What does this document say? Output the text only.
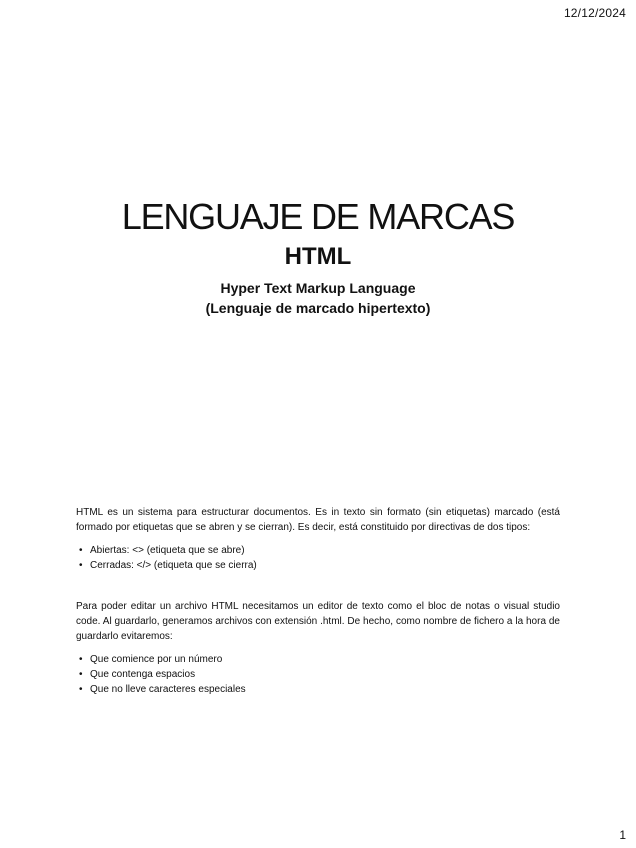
12/12/2024
LENGUAJE DE MARCAS
HTML

Hyper Text Markup Language

(Lenguaje de marcado hipertexto)

HTML es un sistema para estructurar documentos. Es in texto sin formato (sin etiquetas) marcado (está formado por etiquetas que se abren y se cierran). Es decir, está constituido por directivas de dos tipos:

• Abiertas: <> (etiqueta que se abre)
• Cerradas: </> (etiqueta que se cierra)

Para poder editar un archivo HTML necesitamos un editor de texto como el bloc de notas o visual studio code. Al guardarlo, generamos archivos con extensión .html. De hecho, como nombre de fichero a la hora de guardarlo evitaremos:

• Que comience por un número
• Que contenga espacios
• Que no lleve caracteres especiales
1
